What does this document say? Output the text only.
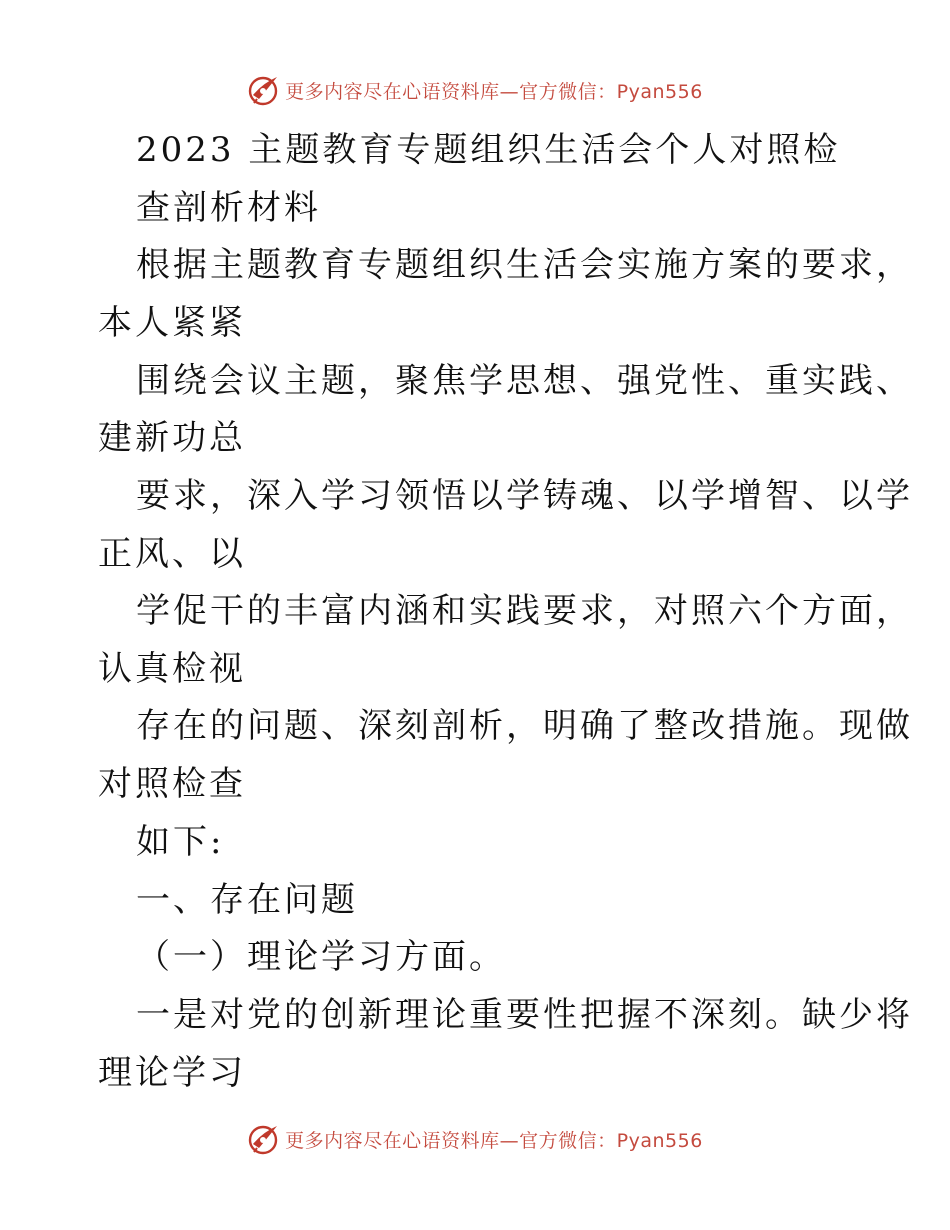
更多内容尽在心语资料库—官方微信：Pyan556
2023 主题教育专题组织生活会个人对照检
查剖析材料
根据主题教育专题组织生活会实施方案的要求，
本人紧紧
围绕会议主题，聚焦学思想、强党性、重实践、
建新功总
要求，深入学习领悟以学铸魂、以学增智、以学
正风、以
学促干的丰富内涵和实践要求，对照六个方面，
认真检视
存在的问题、深刻剖析，明确了整改措施。现做
对照检查
如下:
一、存在问题
（一）理论学习方面。
一是对党的创新理论重要性把握不深刻。缺少将
理论学习
更多内容尽在心语资料库—官方微信：Pyan556
